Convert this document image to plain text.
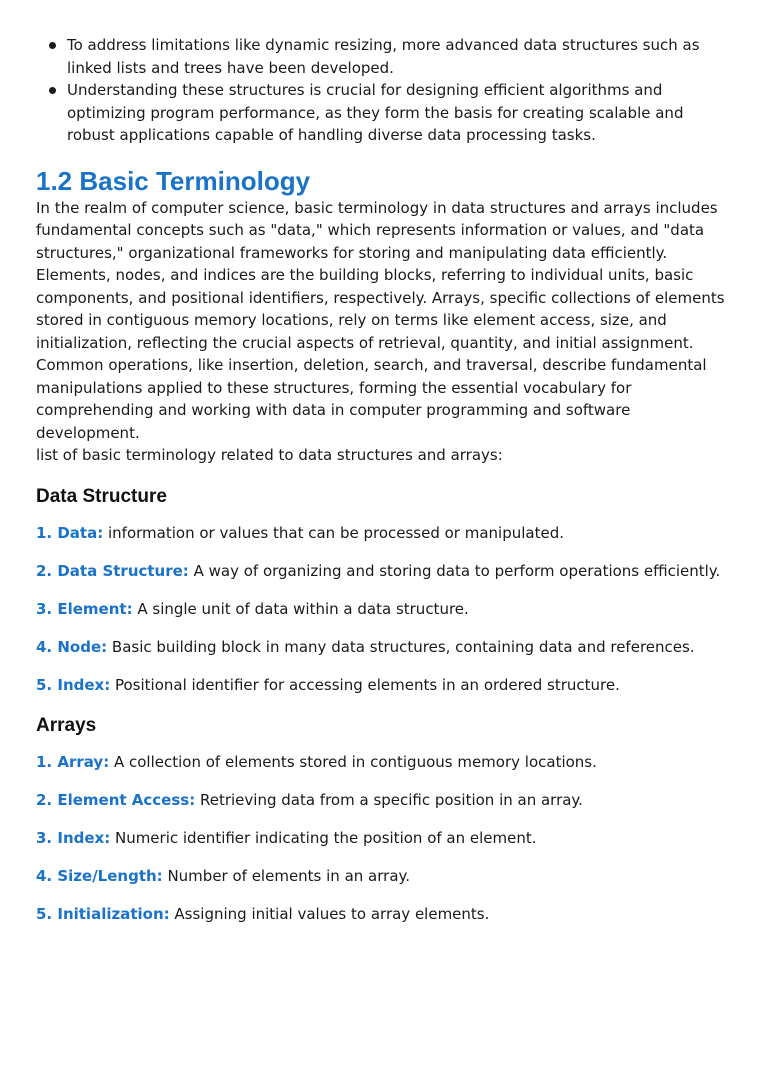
To address limitations like dynamic resizing, more advanced data structures such as linked lists and trees have been developed.
Understanding these structures is crucial for designing efficient algorithms and optimizing program performance, as they form the basis for creating scalable and robust applications capable of handling diverse data processing tasks.
1.2 Basic Terminology

In the realm of computer science, basic terminology in data structures and arrays includes fundamental concepts such as "data," which represents information or values, and "data structures," organizational frameworks for storing and manipulating data efficiently.

Elements, nodes, and indices are the building blocks, referring to individual units, basic components, and positional identifiers, respectively. Arrays, specific collections of elements stored in contiguous memory locations, rely on terms like element access, size, and initialization, reflecting the crucial aspects of retrieval, quantity, and initial assignment.

Common operations, like insertion, deletion, search, and traversal, describe fundamental manipulations applied to these structures, forming the essential vocabulary for comprehending and working with data in computer programming and software development.

list of basic terminology related to data structures and arrays:

Data Structure

1. Data: information or values that can be processed or manipulated.

2. Data Structure: A way of organizing and storing data to perform operations efficiently.

3. Element: A single unit of data within a data structure.

4. Node: Basic building block in many data structures, containing data and references.

5. Index: Positional identifier for accessing elements in an ordered structure.

Arrays

1. Array: A collection of elements stored in contiguous memory locations.

2. Element Access: Retrieving data from a specific position in an array.

3. Index: Numeric identifier indicating the position of an element.

4. Size/Length: Number of elements in an array.

5. Initialization: Assigning initial values to array elements.
